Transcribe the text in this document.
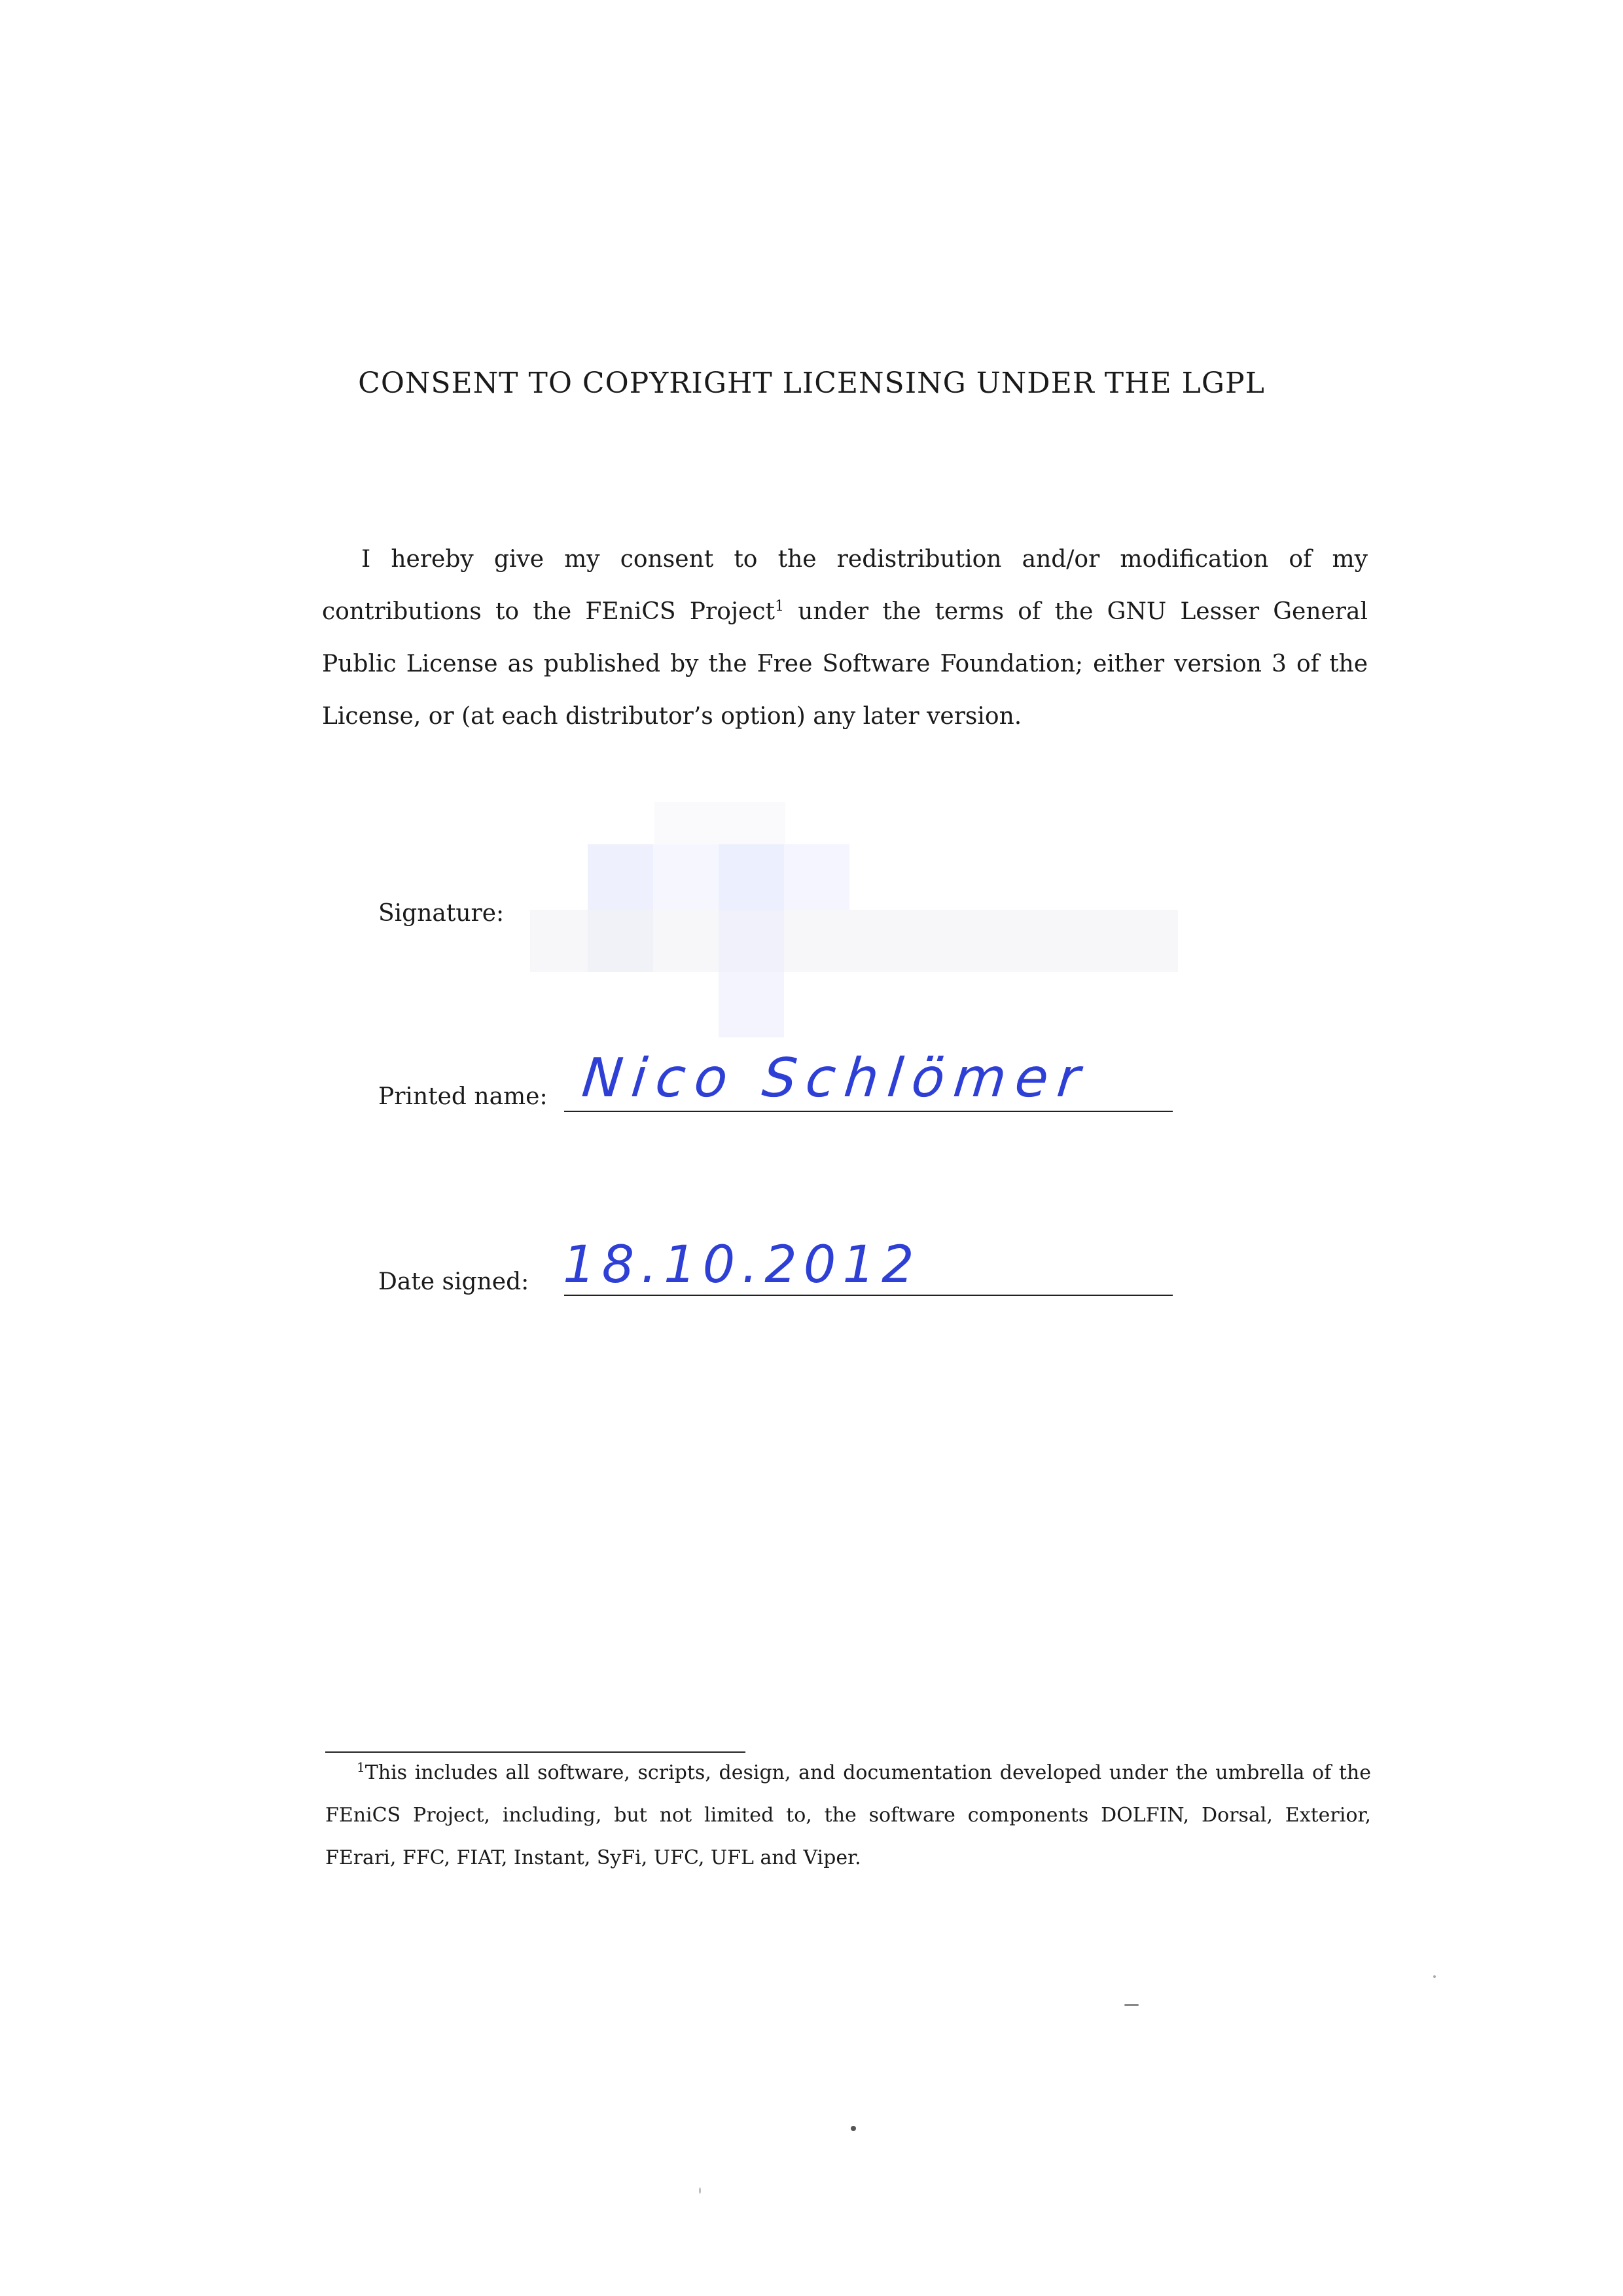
CONSENT TO COPYRIGHT LICENSING UNDER THE LGPL

I hereby give my consent to the redistribution and/or modification of my contributions to the FEniCS Project$^1$ under the terms of the GNU Lesser General Public License as published by the Free Software Foundation; either version 3 of the License, or (at each distributor’s option) any later version.

Signature:

Printed name: Nico Schlömer

Date signed: 18.10.2012

$^1$This includes all software, scripts, design, and documentation developed under the umbrella of the FEniCS Project, including, but not limited to, the software components DOLFIN, Dorsal, Exterior, FErari, FFC, FIAT, Instant, SyFi, UFC, UFL and Viper.
